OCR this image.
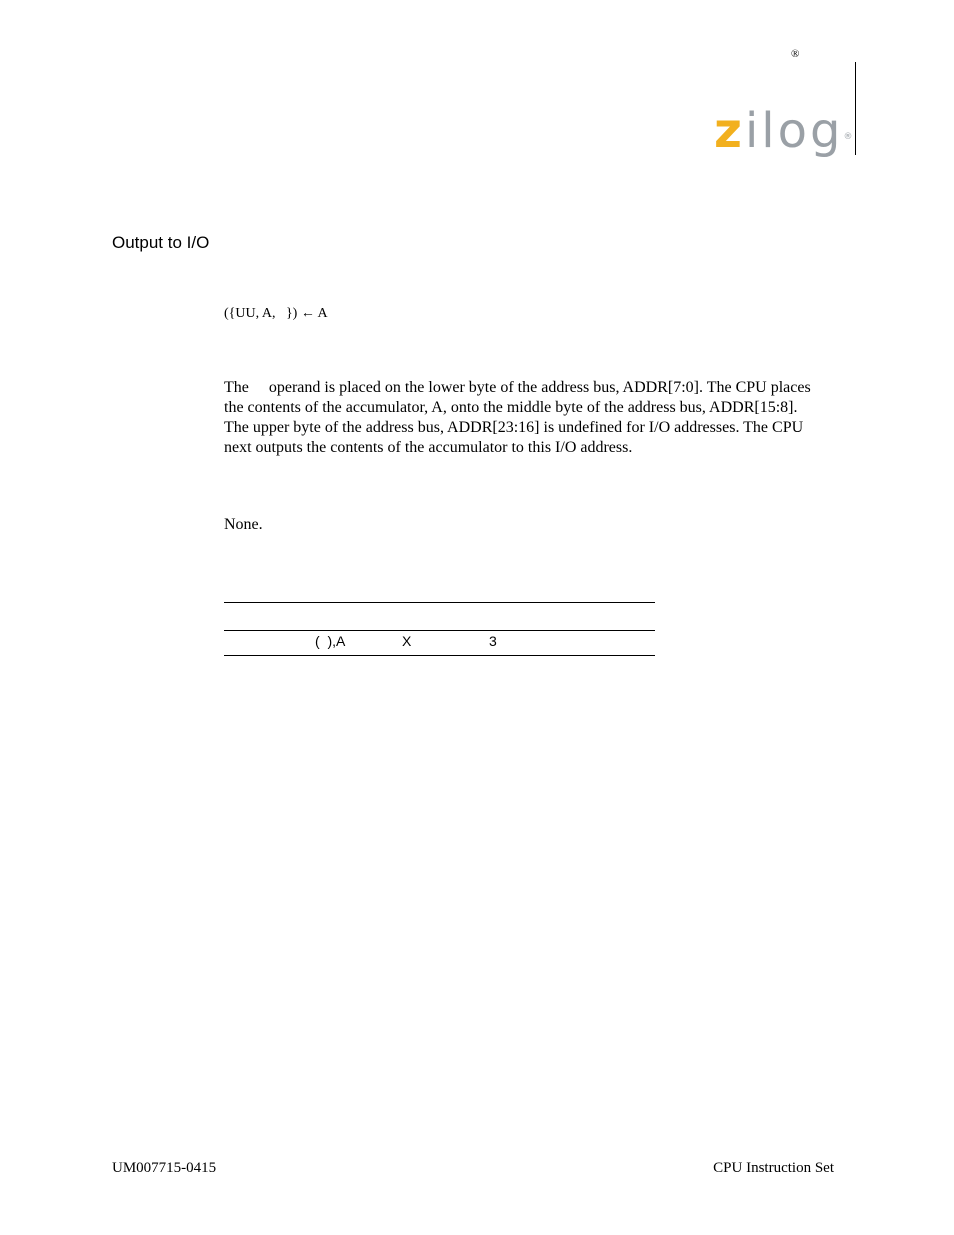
®
zilog®
Output to I/O
({UU, A,   }) ← A
The     operand is placed on the lower byte of the address bus, ADDR[7:0]. The CPU places the contents of the accumulator, A, onto the middle byte of the address bus, ADDR[15:8]. The upper byte of the address bus, ADDR[23:16] is undefined for I/O addresses. The CPU next outputs the contents of the accumulator to this I/O address.
None.
(  ),A	X	3
UM007715-0415	CPU Instruction Set
